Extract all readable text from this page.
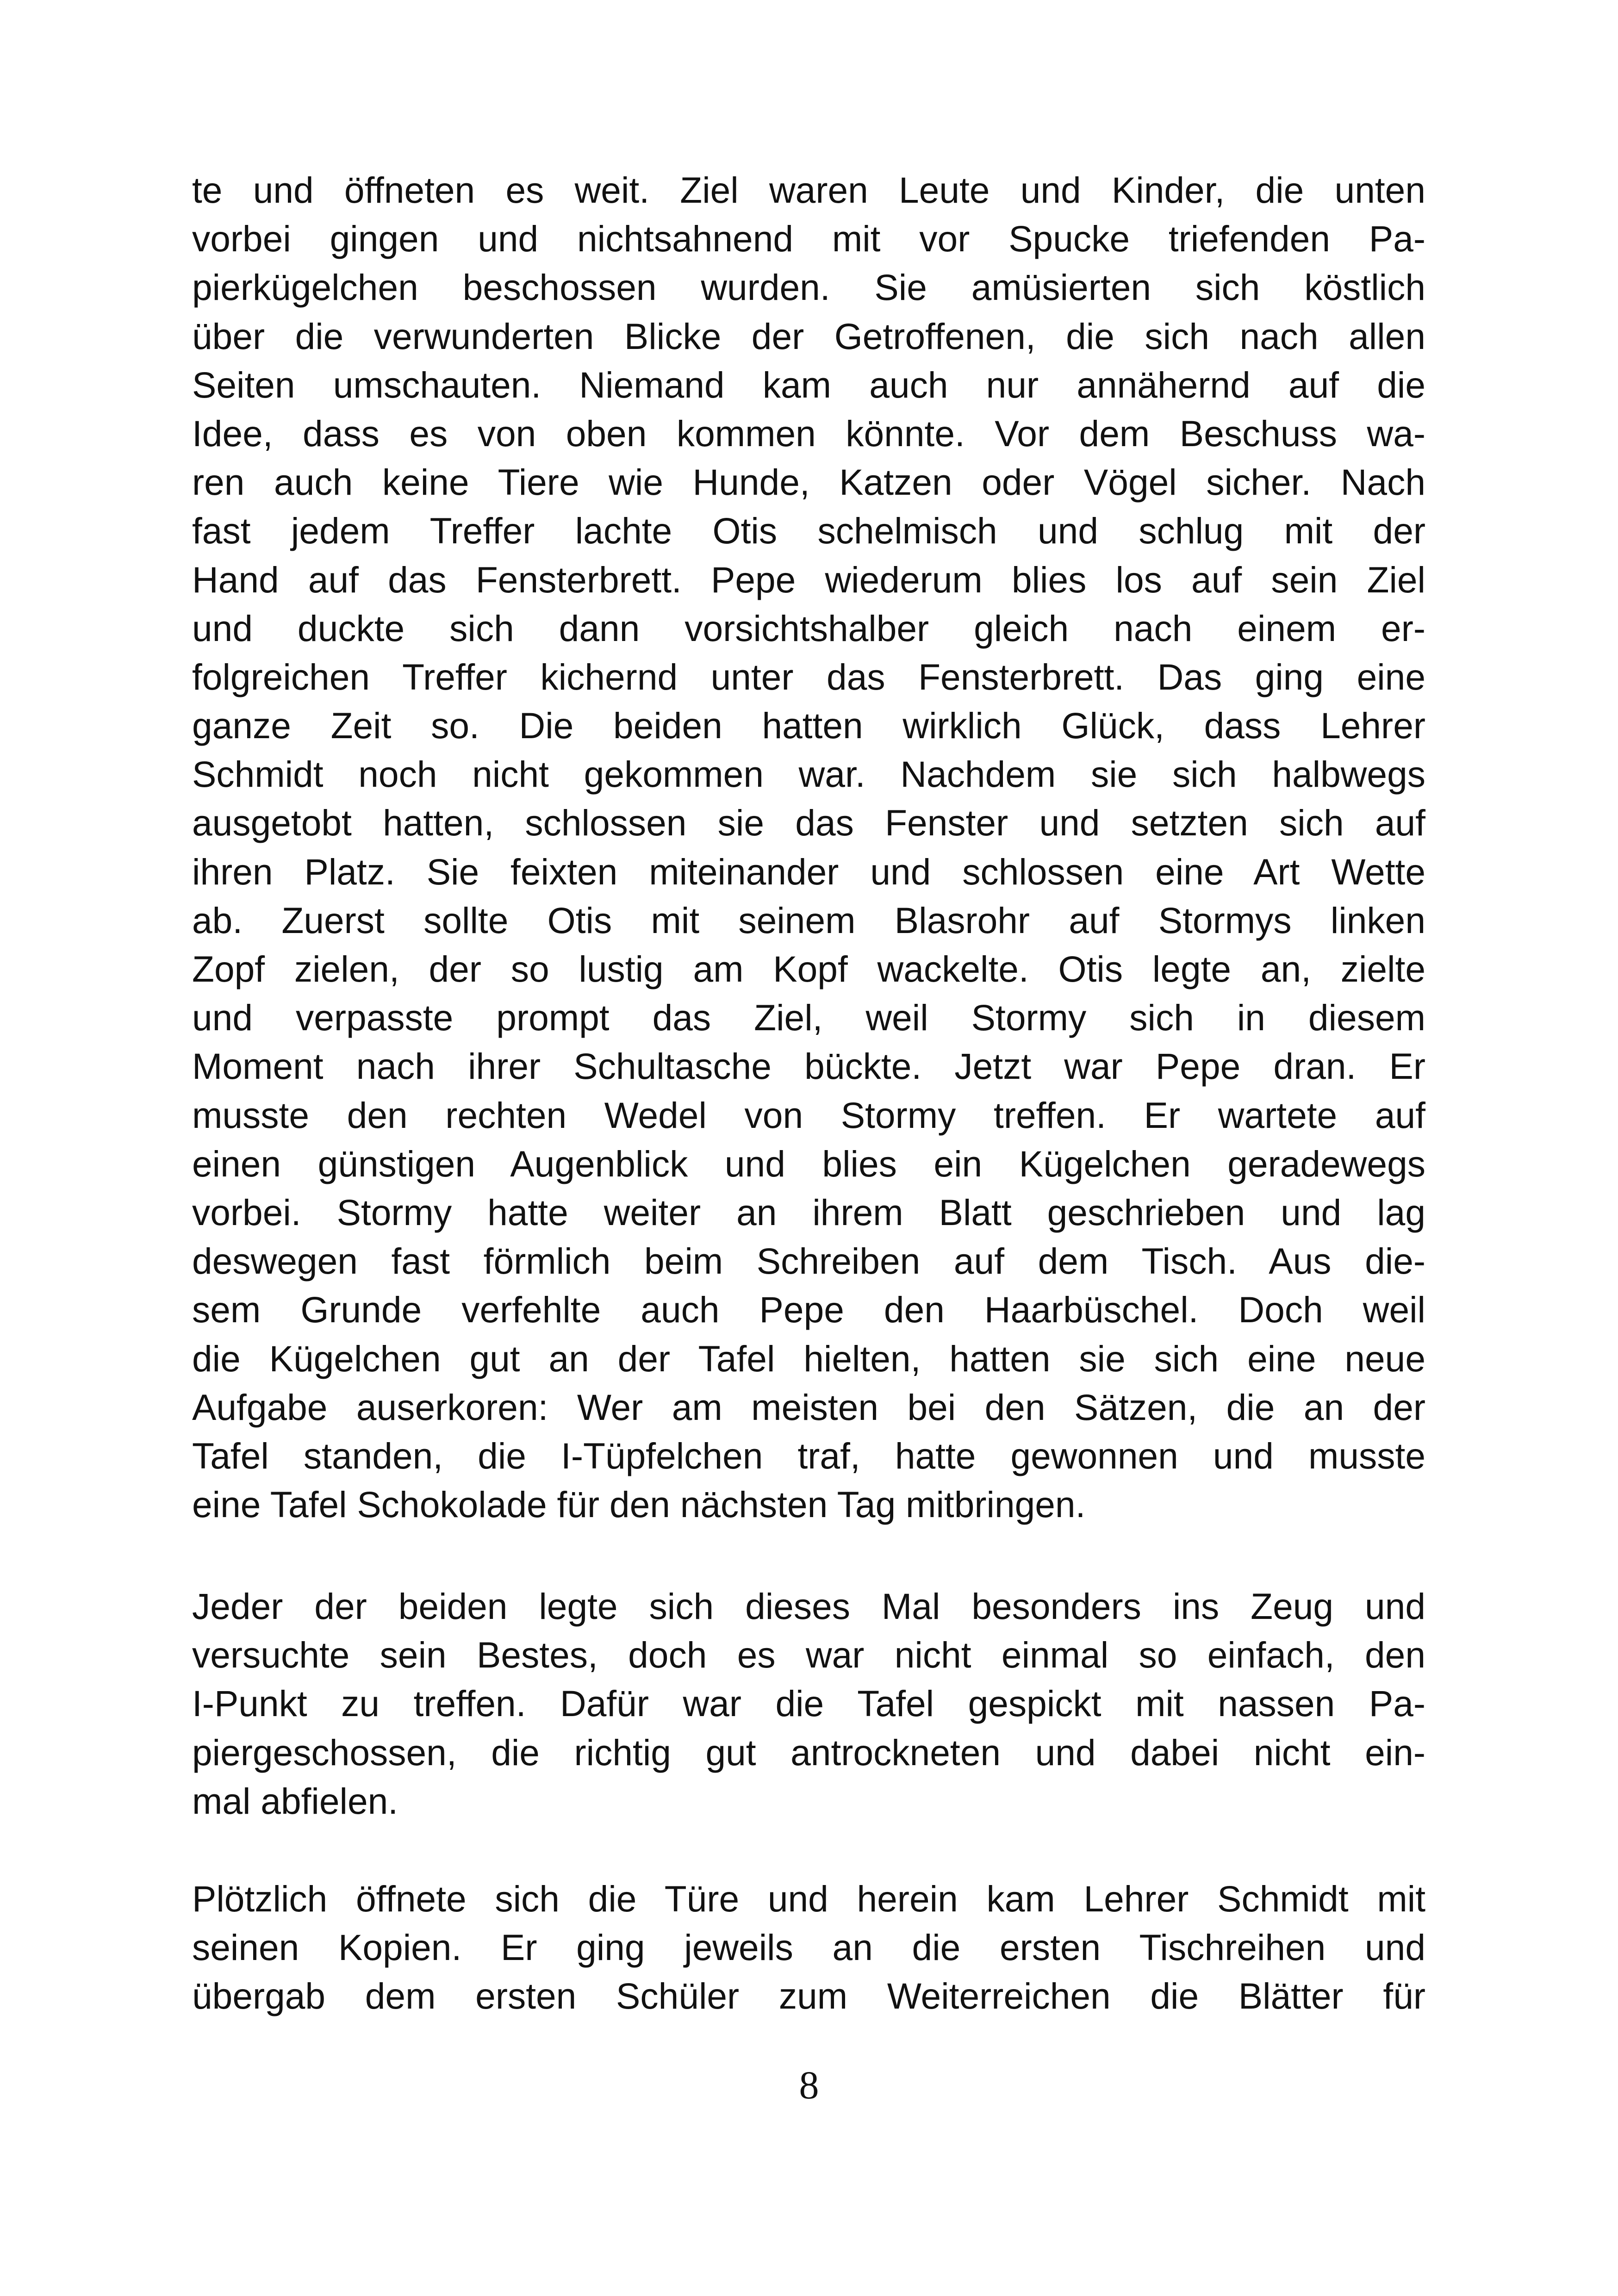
te und öffneten es weit. Ziel waren Leute und Kinder, die unten
vorbei gingen und nichtsahnend mit vor Spucke triefenden Pa-
pierkügelchen beschossen wurden. Sie amüsierten sich köstlich
über die verwunderten Blicke der Getroffenen, die sich nach allen
Seiten umschauten. Niemand kam auch nur annähernd auf die
Idee, dass es von oben kommen könnte. Vor dem Beschuss wa-
ren auch keine Tiere wie Hunde, Katzen oder Vögel sicher. Nach
fast jedem Treffer lachte Otis schelmisch und schlug mit der
Hand auf das Fensterbrett. Pepe wiederum blies los auf sein Ziel
und duckte sich dann vorsichtshalber gleich nach einem er-
folgreichen Treffer kichernd unter das Fensterbrett. Das ging eine
ganze Zeit so. Die beiden hatten wirklich Glück, dass Lehrer
Schmidt noch nicht gekommen war. Nachdem sie sich halbwegs
ausgetobt hatten, schlossen sie das Fenster und setzten sich auf
ihren Platz. Sie feixten miteinander und schlossen eine Art Wette
ab. Zuerst sollte Otis mit seinem Blasrohr auf Stormys linken
Zopf zielen, der so lustig am Kopf wackelte. Otis legte an, zielte
und verpasste prompt das Ziel, weil Stormy sich in diesem
Moment nach ihrer Schultasche bückte. Jetzt war Pepe dran. Er
musste den rechten Wedel von Stormy treffen. Er wartete auf
einen günstigen Augenblick und blies ein Kügelchen geradewegs
vorbei. Stormy hatte weiter an ihrem Blatt geschrieben und lag
deswegen fast förmlich beim Schreiben auf dem Tisch. Aus die-
sem Grunde verfehlte auch Pepe den Haarbüschel. Doch weil
die Kügelchen gut an der Tafel hielten, hatten sie sich eine neue
Aufgabe auserkoren: Wer am meisten bei den Sätzen, die an der
Tafel standen, die I-Tüpfelchen traf, hatte gewonnen und musste
eine Tafel Schokolade für den nächsten Tag mitbringen.
Jeder der beiden legte sich dieses Mal besonders ins Zeug und
versuchte sein Bestes, doch es war nicht einmal so einfach, den
I-Punkt zu treffen. Dafür war die Tafel gespickt mit nassen Pa-
piergeschossen, die richtig gut antrockneten und dabei nicht ein-
mal abfielen.
Plötzlich öffnete sich die Türe und herein kam Lehrer Schmidt mit
seinen Kopien. Er ging jeweils an die ersten Tischreihen und
übergab dem ersten Schüler zum Weiterreichen die Blätter für
8
